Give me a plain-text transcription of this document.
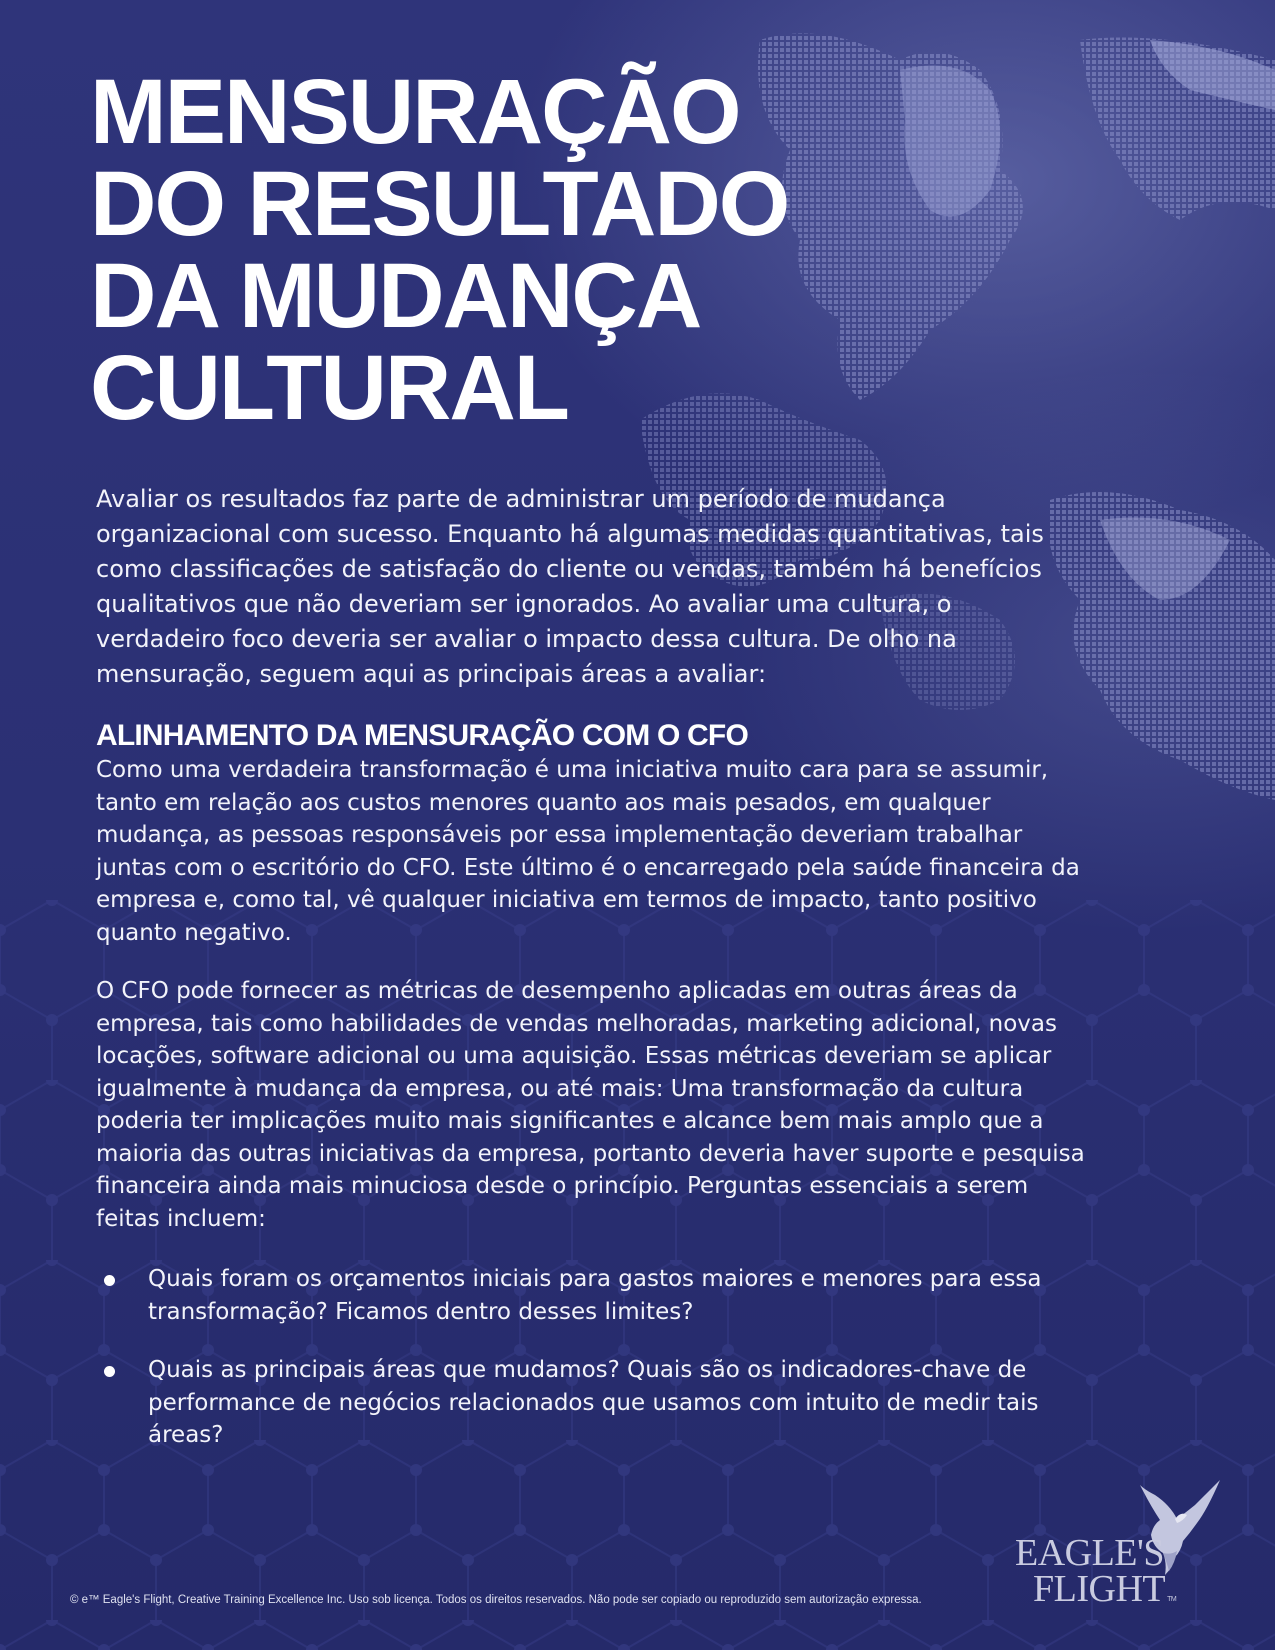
MENSURAÇÃO
DO RESULTADO
DA MUDANÇA
CULTURAL

Avaliar os resultados faz parte de administrar um período de mudança organizacional com sucesso. Enquanto há algumas medidas quantitativas, tais como classificações de satisfação do cliente ou vendas, também há benefícios qualitativos que não deveriam ser ignorados. Ao avaliar uma cultura, o verdadeiro foco deveria ser avaliar o impacto dessa cultura. De olho na mensuração, seguem aqui as principais áreas a avaliar:

ALINHAMENTO DA MENSURAÇÃO COM O CFO

Como uma verdadeira transformação é uma iniciativa muito cara para se assumir, tanto em relação aos custos menores quanto aos mais pesados, em qualquer mudança, as pessoas responsáveis por essa implementação deveriam trabalhar juntas com o escritório do CFO. Este último é o encarregado pela saúde financeira da empresa e, como tal, vê qualquer iniciativa em termos de impacto, tanto positivo quanto negativo.

O CFO pode fornecer as métricas de desempenho aplicadas em outras áreas da empresa, tais como habilidades de vendas melhoradas, marketing adicional, novas locações, software adicional ou uma aquisição. Essas métricas deveriam se aplicar igualmente à mudança da empresa, ou até mais: Uma transformação da cultura poderia ter implicações muito mais significantes e alcance bem mais amplo que a maioria das outras iniciativas da empresa, portanto deveria haver suporte e pesquisa financeira ainda mais minuciosa desde o princípio. Perguntas essenciais a serem feitas incluem:

Quais foram os orçamentos iniciais para gastos maiores e menores para essa transformação? Ficamos dentro desses limites?
Quais as principais áreas que mudamos? Quais são os indicadores-chave de performance de negócios relacionados que usamos com intuito de medir tais áreas?
© e™ Eagle's Flight, Creative Training Excellence Inc. Uso sob licença. Todos os direitos reservados. Não pode ser copiado ou reproduzido sem autorização expressa.
EAGLE'S
FLIGHT TM
